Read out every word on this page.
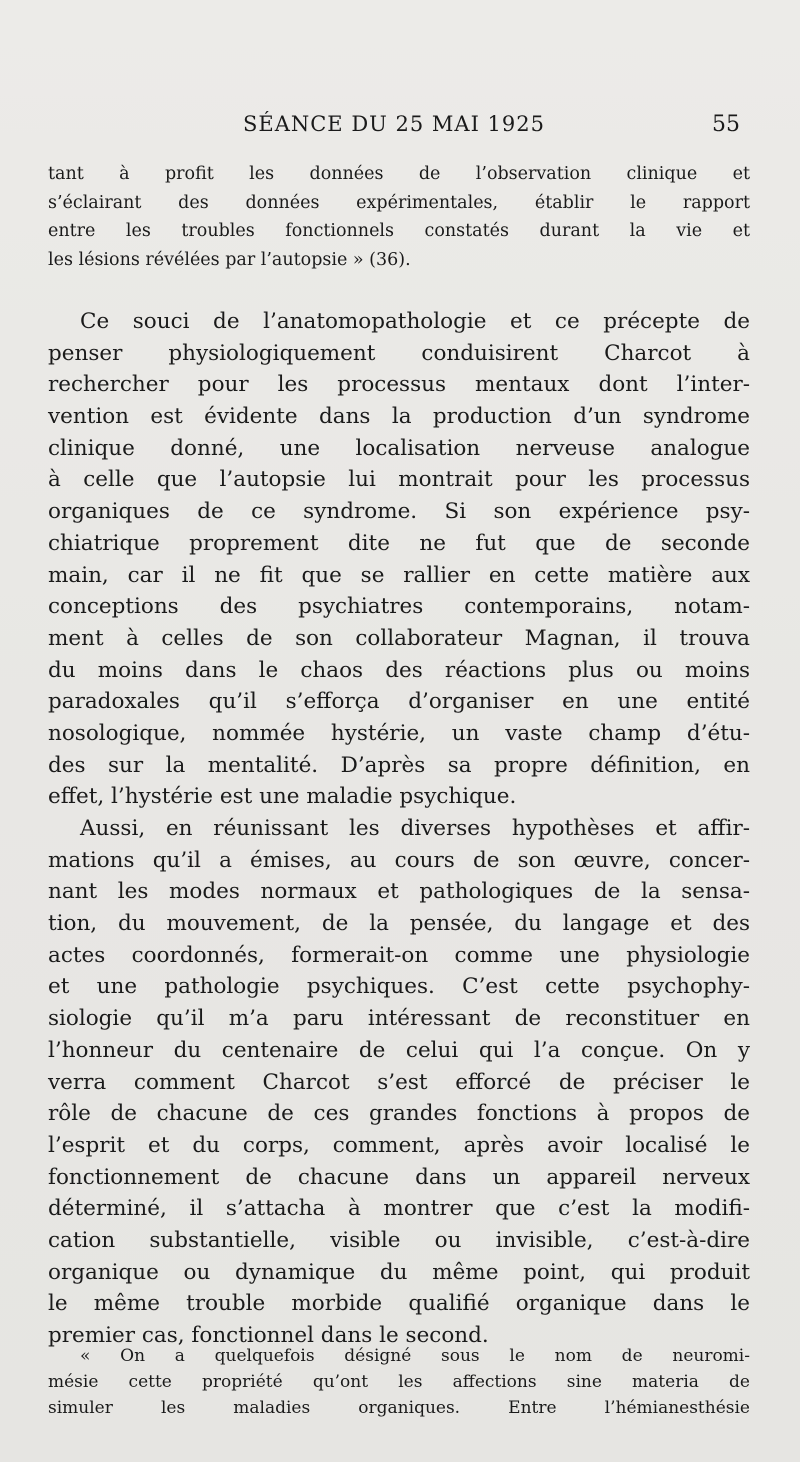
SÉANCE DU 25 MAI 1925	55
tant à profit les données de l’observation clinique et
s’éclairant des données expérimentales, établir le rapport
entre les troubles fonctionnels constatés durant la vie et
les lésions révélées par l’autopsie » (36).
Ce souci de l’anatomopathologie et ce précepte de
penser physiologiquement conduisirent Charcot à
rechercher pour les processus mentaux dont l’inter-
vention est évidente dans la production d’un syndrome
clinique donné, une localisation nerveuse analogue
à celle que l’autopsie lui montrait pour les processus
organiques de ce syndrome. Si son expérience psy-
chiatrique proprement dite ne fut que de seconde
main, car il ne fit que se rallier en cette matière aux
conceptions des psychiatres contemporains, notam-
ment à celles de son collaborateur Magnan, il trouva
du moins dans le chaos des réactions plus ou moins
paradoxales qu’il s’efforça d’organiser en une entité
nosologique, nommée hystérie, un vaste champ d’étu-
des sur la mentalité. D’après sa propre définition, en
effet, l’hystérie est une maladie psychique.
Aussi, en réunissant les diverses hypothèses et affir-
mations qu’il a émises, au cours de son œuvre, concer-
nant les modes normaux et pathologiques de la sensa-
tion, du mouvement, de la pensée, du langage et des
actes coordonnés, formerait-on comme une physiologie
et une pathologie psychiques. C’est cette psychophy-
siologie qu’il m’a paru intéressant de reconstituer en
l’honneur du centenaire de celui qui l’a conçue. On y
verra comment Charcot s’est efforcé de préciser le
rôle de chacune de ces grandes fonctions à propos de
l’esprit et du corps, comment, après avoir localisé le
fonctionnement de chacune dans un appareil nerveux
déterminé, il s’attacha à montrer que c’est la modifi-
cation substantielle, visible ou invisible, c’est-à-dire
organique ou dynamique du même point, qui produit
le même trouble morbide qualifié organique dans le
premier cas, fonctionnel dans le second.
« On a quelquefois désigné sous le nom de neuromi-
mésie cette propriété qu’ont les affections sine materia de
simuler les maladies organiques. Entre l’hémianesthésie
